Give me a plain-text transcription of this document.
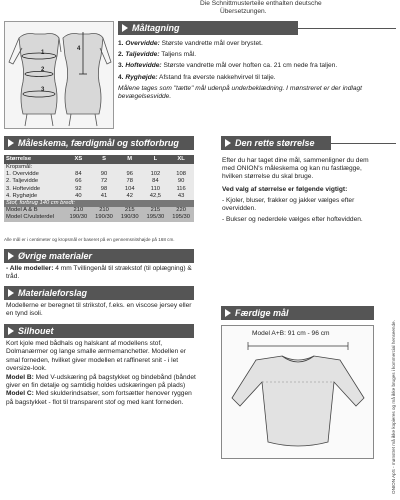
Die Schnittmusterteile enthalten deutsche
Übersetzungen.
Måltagning
1
2
3
4

1. Overvidde: Største vandrette mål over brystet.

2. Taljevidde: Taljens mål.

3. Hoftevidde: Største vandrette mål over hoften ca. 21 cm nede fra taljen.

4. Ryghøjde: Afstand fra øverste nakkehvirvel til talje.

Målene tages som "tætte" mål udenpå underbeklædning. I mønstreret er der indlagt bevægelsesvidde.

Måleskema, færdigmål og stofforbrug	Den rette størrelse
Størrelse	XS	S	M	L	XL
Kropsmål:					
1. Overvidde	84	90	96	102	108
2. Taljevidde	66	72	78	84	90
3. Hoftevidde	92	98	104	110	116
4. Ryghøjde	40	41	42	42,5	43
Stof, forbrug 140 cm bredt:					
Model A & B	210	210	215	215	220
Model C/vulsterdel	190/30	190/30	190/30	195/30	195/30
Alle mål er i centimeter og kropsmål er baseret på en gennemsnitshøjde på 168 cm.
Efter du har taget dine mål, sammenligner du dem med ONION's måleskema og kan nu fastlægge, hvilken størrelse du skal bruge.
Ved valg af størrelse er følgende vigtigt:
- Kjoler, bluser, frakker og jakker vælges efter overvidden.
- Bukser og nederdele vælges efter hoftevidden.
Øvrige materialer
- Alle modeller: 4 mm Tvillingenål til strækstof (til oplægning) & tråd.
Materialeforslag
Modellerne er beregnet til strikstof, f.eks. en viscose jersey eller en tynd isoli.
Silhouet
Kort kjole med bådhals og halskant af modellens stof, Dolmanærmer og lange smalle ærmemanchetter. Modellen er smal forneden, hvilket giver modellen et raffineret snit - i let oversize-look.
Model B: Med V-udskæring på bagstykket og bindebånd (båndet giver en fin detalje og samtidig holdes udskæringen på plads)
Model C: Med skulderindsatser, som fortsætter henover ryggen på bagstykket - flot til transparent stof og med kant forneden.
Færdige mål
Model A+B: 91 cm - 96 cm	ONION ApS - mønstret må ikke kopieres og må ikke bruges i kommercial henseende.
